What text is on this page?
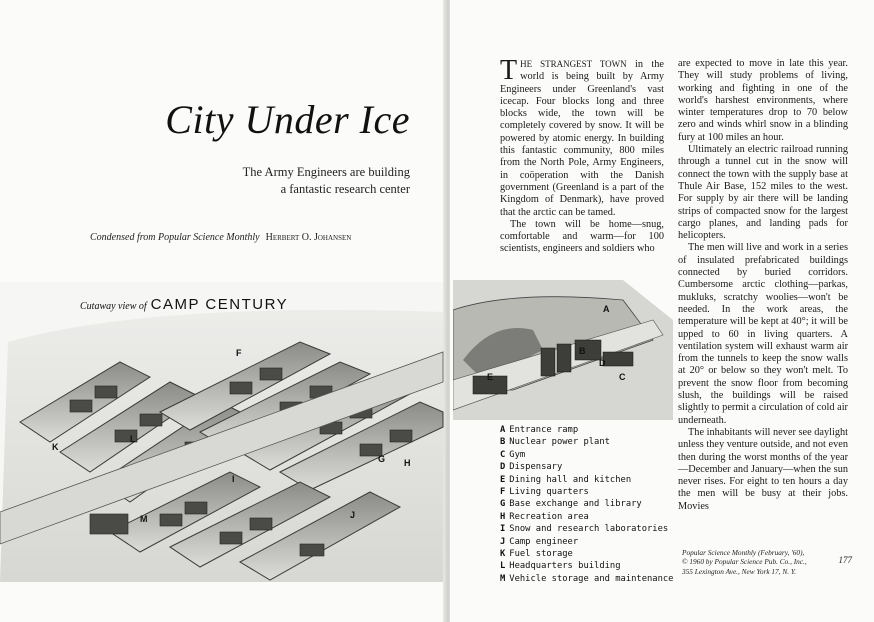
City Under Ice
The Army Engineers are building
a fantastic research center
Condensed from Popular Science Monthly Herbert O. Johansen
F
K
L
I
G H
J
M
A
B
D
E	C
Cutaway view of CAMP CENTURY

THE STRANGEST TOWN in the world is being built by Army Engineers under Greenland's vast icecap. Four blocks long and three blocks wide, the town will be completely covered by snow. It will be powered by atomic energy. In building this fantastic community, 800 miles from the North Pole, Army Engineers, in coöperation with the Danish government (Greenland is a part of the Kingdom of Denmark), have proved that the arctic can be tamed.

The town will be home—snug, comfortable and warm—for 100 scientists, engineers and soldiers who

are expected to move in late this year. They will study problems of living, working and fighting in one of the world's harshest environments, where winter temperatures drop to 70 below zero and winds whirl snow in a blinding fury at 100 miles an hour.

Ultimately an electric railroad running through a tunnel cut in the snow will connect the town with the supply base at Thule Air Base, 152 miles to the west. For supply by air there will be landing strips of compacted snow for the largest cargo planes, and landing pads for helicopters.

The men will live and work in a series of insulated prefabricated buildings connected by buried corridors. Cumbersome arctic clothing—parkas, mukluks, scratchy woolies—won't be needed. In the work areas, the temperature will be kept at 40°; it will be upped to 60 in living quarters. A ventilation system will exhaust warm air from the tunnels to keep the snow walls at 20° or below so they won't melt. To prevent the snow floor from becoming slush, the buildings will be raised slightly to permit a circulation of cold air underneath.

The inhabitants will never see daylight unless they venture outside, and not even then during the worst months of the year—December and January—when the sun never rises. For eight to ten hours a day the men will be busy at their jobs. Movies

A Entrance ramp
B Nuclear power plant
C Gym
D Dispensary
E Dining hall and kitchen
F Living quarters
G Base exchange and library
H Recreation area
I Snow and research laboratories
J Camp engineer
K Fuel storage
L Headquarters building
M Vehicle storage and maintenance
Popular Science Monthly (February, '60),
© 1960 by Popular Science Pub. Co., Inc.,
355 Lexington Ave., New York 17, N. Y.
177
